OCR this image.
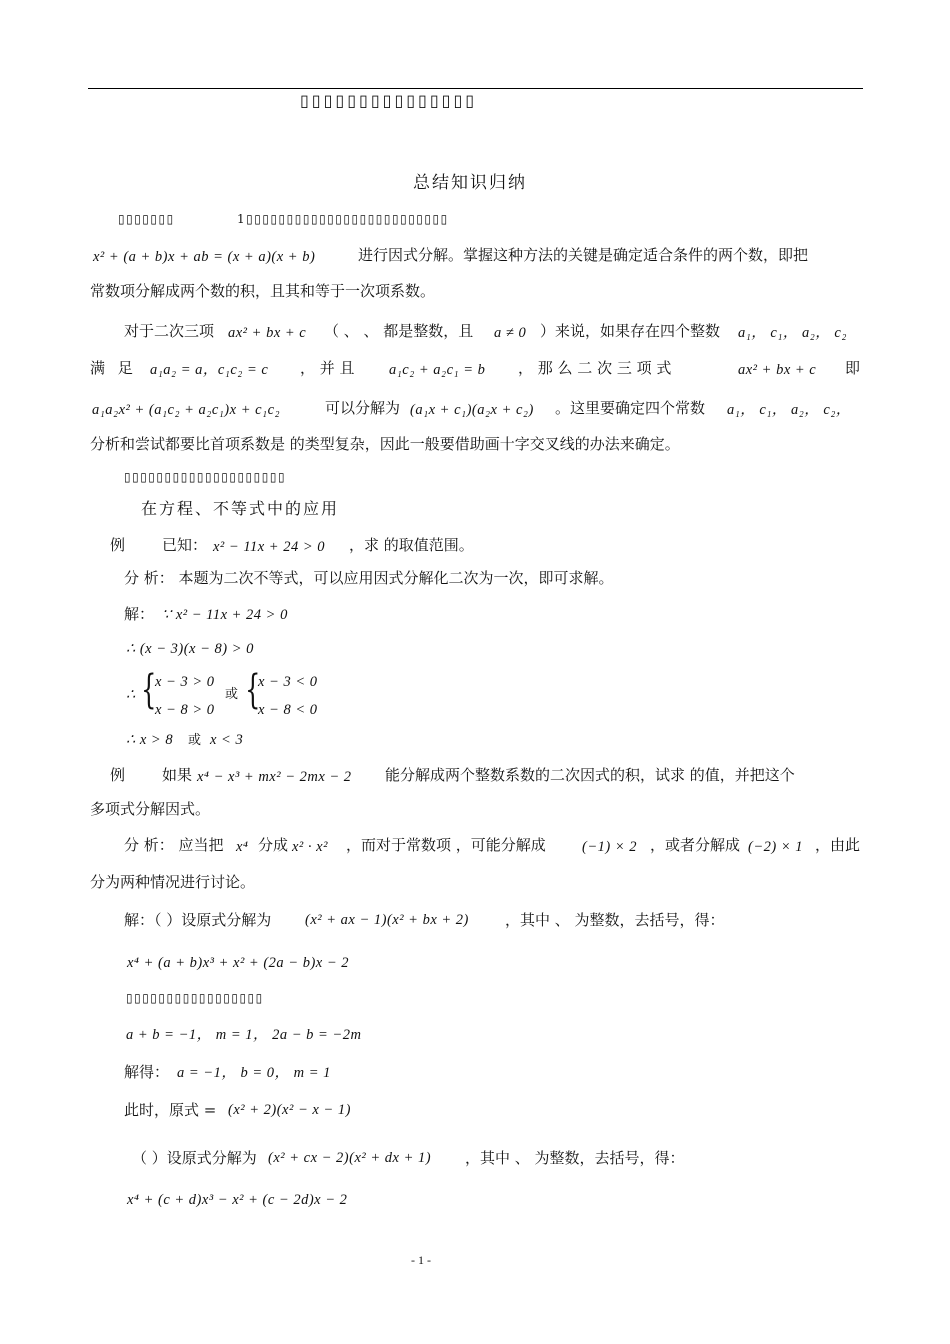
▯▯▯▯▯▯▯▯▯▯▯▯▯▯▯
总结知识归纳
▯▯▯▯▯▯▯	1▯▯▯▯▯▯▯▯▯▯▯▯▯▯▯▯▯▯▯▯▯▯▯▯▯
x² + (a + b)x + ab = (x + a)(x + b)	进行因式分解。掌握这种方法的关键是确定适合条件的两个数，即把
常数项分解成两个数的积，且其和等于一次项系数。
对于二次三项 ax² + bx + c （ 、 、 都是整数，且 a ≠ 0 ）来说，如果存在四个整数 a₁， c₁， a₂， c₂
满 足 a₁a₂ = a，c₁c₂ = c ， 并 且 a₁c₂ + a₂c₁ = b ， 那 么 二 次 三 项 式	ax² + bx + c 即
a₁a₂x² + (a₁c₂ + a₂c₁)x + c₁c₂	可以分解为 (a₁x + c₁)(a₂x + c₂) 。这里要确定四个常数 a₁， c₁， a₂， c₂，
分析和尝试都要比首项系数是 的类型复杂，因此一般要借助画十字交叉线的办法来确定。
▯▯▯▯▯▯▯▯▯▯▯▯▯▯▯▯▯▯▯▯
在方程、不等式中的应用
例 已知： x² − 11x + 24 > 0 ，求 的取值范围。
分 析： 本题为二次不等式，可以应用因式分解化二次为一次，即可求解。
解： ∵ x² − 11x + 24 > 0
∴ (x − 3)(x − 8) > 0
∴ {
x − 3 > 0
x − 8 > 0
或 {
x − 3 < 0
x − 8 < 0
∴ x > 8 或 x < 3
例 如果 x⁴ − x³ + mx² − 2mx − 2 能分解成两个整数系数的二次因式的积，试求 的值，并把这个
多项式分解因式。
分 析： 应当把 x⁴ 分成 x² · x² ，而对于常数项 ，可能分解成 (−1) × 2 ，或者分解成 (−2) × 1 ，由此
分为两种情况进行讨论。
解：（ ）设原式分解为 (x² + ax − 1)(x² + bx + 2) ，其中 、 为整数，去括号，得：
x⁴ + (a + b)x³ + x² + (2a − b)x − 2
▯▯▯▯▯▯▯▯▯▯▯▯▯▯▯▯▯
a + b = −1， m = 1， 2a − b = −2m
解得： a = −1， b = 0， m = 1
此时，原式 = (x² + 2)(x² − x − 1)
（ ）设原式分解为 (x² + cx − 2)(x² + dx + 1) ，其中 、 为整数，去括号，得：
x⁴ + (c + d)x³ − x² + (c − 2d)x − 2
- 1 -
